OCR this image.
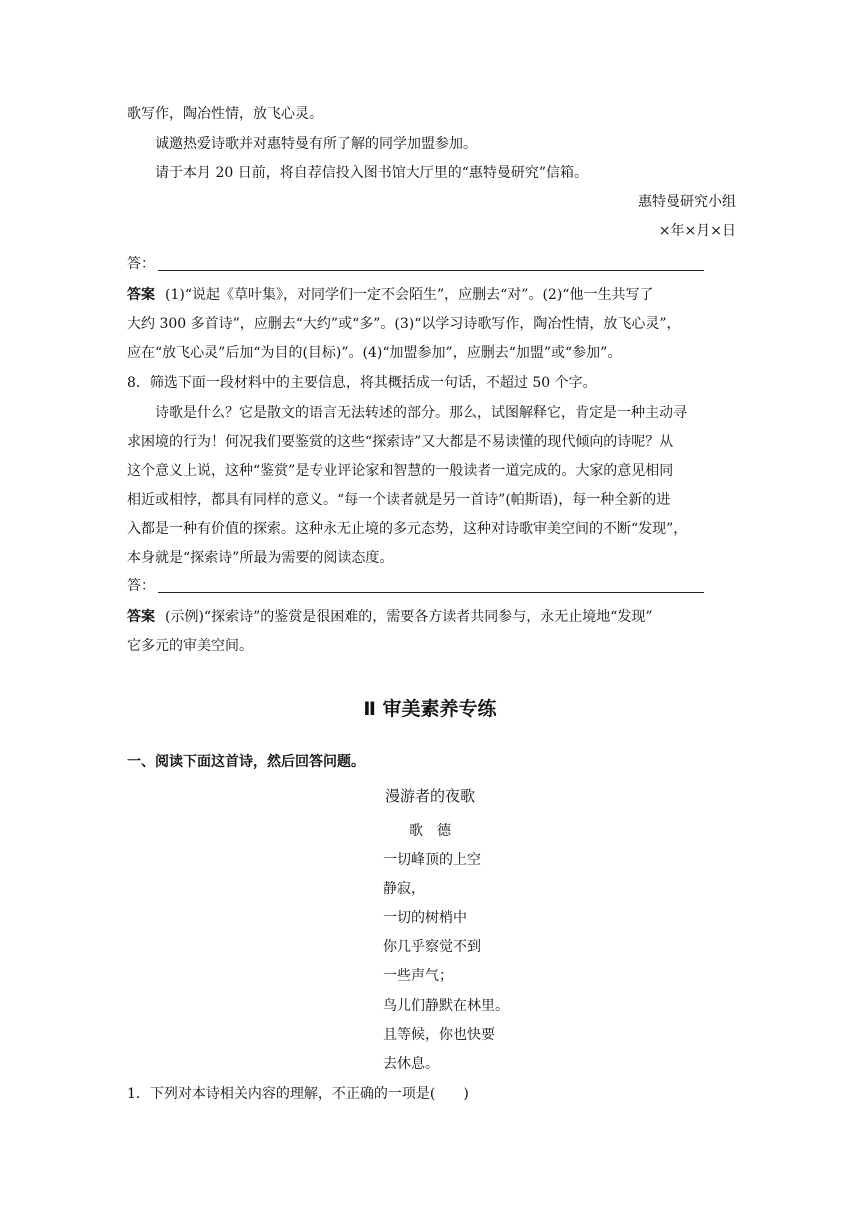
歌写作，陶冶性情，放飞心灵。
诚邀热爱诗歌并对惠特曼有所了解的同学加盟参加。
请于本月 20 日前，将自荐信投入图书馆大厅里的“惠特曼研究”信箱。
惠特曼研究小组
×年×月×日
答：
答案 (1)“说起《草叶集》，对同学们一定不会陌生”，应删去“对”。(2)“他一生共写了
大约 300 多首诗”，应删去“大约”或“多”。(3)“以学习诗歌写作，陶冶性情，放飞心灵”，
应在“放飞心灵”后加“为目的(目标)”。(4)“加盟参加”，应删去“加盟”或“参加”。
8．筛选下面一段材料中的主要信息，将其概括成一句话，不超过 50 个字。
诗歌是什么？它是散文的语言无法转述的部分。那么，试图解释它，肯定是一种主动寻
求困境的行为！何况我们要鉴赏的这些“探索诗”又大都是不易读懂的现代倾向的诗呢？从
这个意义上说，这种“鉴赏”是专业评论家和智慧的一般读者一道完成的。大家的意见相同
相近或相悖，都具有同样的意义。“每一个读者就是另一首诗”(帕斯语)，每一种全新的进
入都是一种有价值的探索。这种永无止境的多元态势，这种对诗歌审美空间的不断“发现”，
本身就是“探索诗”所最为需要的阅读态度。
答：
答案 (示例)“探索诗”的鉴赏是很困难的，需要各方读者共同参与，永无止境地“发现”
它多元的审美空间。
Ⅱ 审美素养专练
一、阅读下面这首诗，然后回答问题。
漫游者的夜歌
歌　德
一切峰顶的上空
静寂，
一切的树梢中
你几乎察觉不到
一些声气；
鸟儿们静默在林里。
且等候，你也快要
去休息。
1．下列对本诗相关内容的理解，不正确的一项是(　　)
